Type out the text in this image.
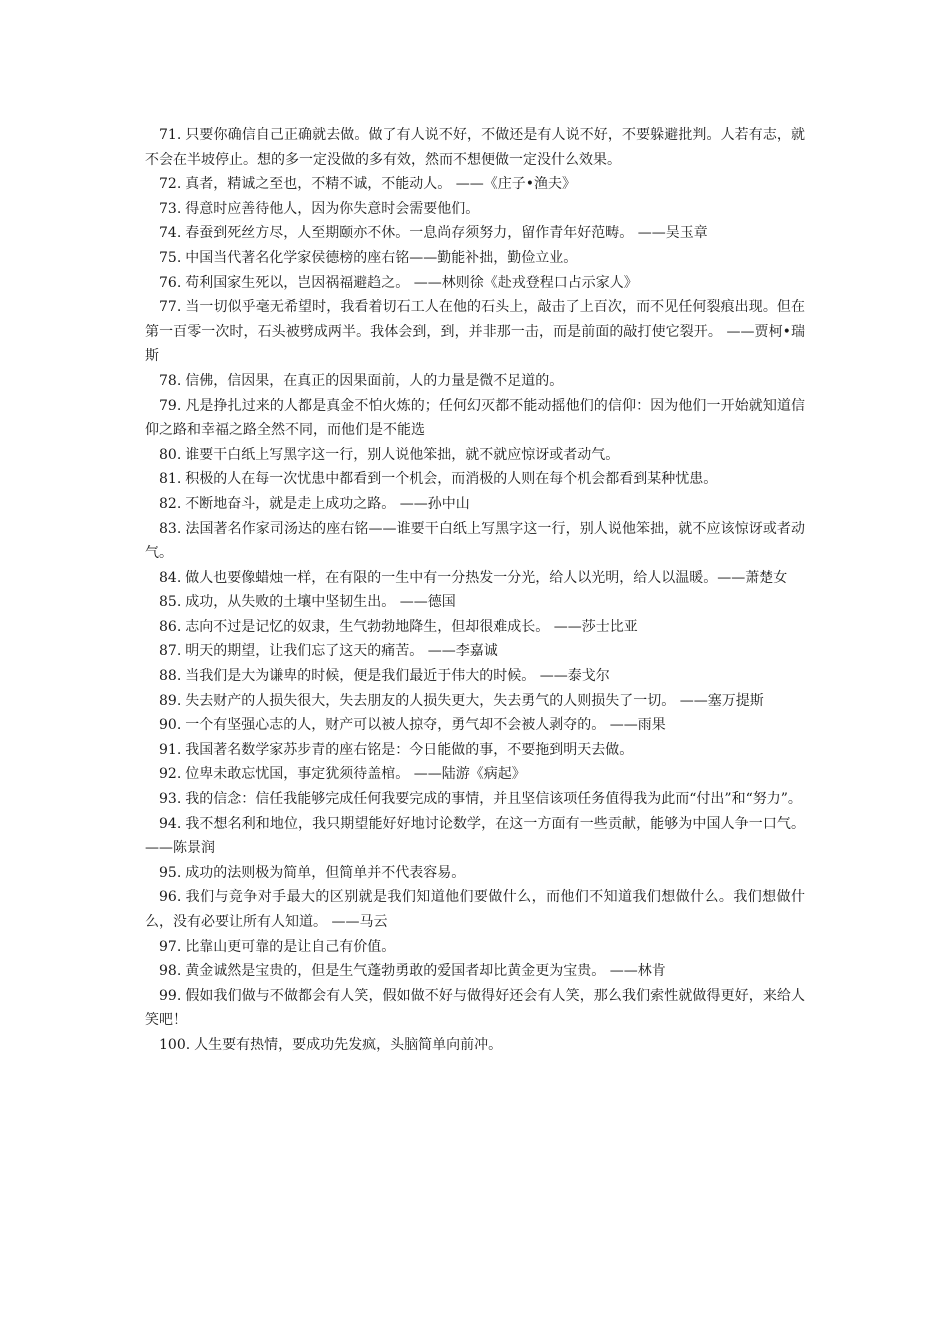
71. 只要你确信自己正确就去做。做了有人说不好，不做还是有人说不好，不要躲避批判。人若有志，就不会在半坡停止。想的多一定没做的多有效，然而不想便做一定没什么效果。

72. 真者，精诚之至也，不精不诚，不能动人。 ——《庄子•渔夫》

73. 得意时应善待他人，因为你失意时会需要他们。

74. 春蚕到死丝方尽，人至期颐亦不休。一息尚存须努力，留作青年好范畴。 ——吴玉章

75. 中国当代著名化学家侯德榜的座右铭——勤能补拙，勤俭立业。

76. 苟利国家生死以，岂因祸福避趋之。 ——林则徐《赴戎登程口占示家人》

77. 当一切似乎毫无希望时，我看着切石工人在他的石头上，敲击了上百次，而不见任何裂痕出现。但在第一百零一次时，石头被劈成两半。我体会到，到，并非那一击，而是前面的敲打使它裂开。 ——贾柯•瑞斯

78. 信佛，信因果，在真正的因果面前，人的力量是微不足道的。

79. 凡是挣扎过来的人都是真金不怕火炼的；任何幻灭都不能动摇他们的信仰：因为他们一开始就知道信仰之路和幸福之路全然不同，而他们是不能选

80. 谁要干白纸上写黑字这一行，别人说他笨拙，就不就应惊讶或者动气。

81. 积极的人在每一次忧患中都看到一个机会，而消极的人则在每个机会都看到某种忧患。

82. 不断地奋斗，就是走上成功之路。 ——孙中山

83. 法国著名作家司汤达的座右铭——谁要干白纸上写黑字这一行，别人说他笨拙，就不应该惊讶或者动气。

84. 做人也要像蜡烛一样，在有限的一生中有一分热发一分光，给人以光明，给人以温暖。——萧楚女

85. 成功，从失败的土壤中坚韧生出。 ——德国

86. 志向不过是记忆的奴隶，生气勃勃地降生，但却很难成长。 ——莎士比亚

87. 明天的期望，让我们忘了这天的痛苦。 ——李嘉诚

88. 当我们是大为谦卑的时候，便是我们最近于伟大的时候。 ——泰戈尔

89. 失去财产的人损失很大，失去朋友的人损失更大，失去勇气的人则损失了一切。 ——塞万提斯

90. 一个有坚强心志的人，财产可以被人掠夺，勇气却不会被人剥夺的。 ——雨果

91. 我国著名数学家苏步青的座右铭是：今日能做的事，不要拖到明天去做。

92. 位卑未敢忘忧国，事定犹须待盖棺。 ——陆游《病起》

93. 我的信念：信任我能够完成任何我要完成的事情，并且坚信该项任务值得我为此而“付出”和“努力”。

94. 我不想名利和地位，我只期望能好好地讨论数学，在这一方面有一些贡献，能够为中国人争一口气。 ——陈景润

95. 成功的法则极为简单，但简单并不代表容易。

96. 我们与竞争对手最大的区别就是我们知道他们要做什么，而他们不知道我们想做什么。我们想做什么，没有必要让所有人知道。 ——马云

97. 比靠山更可靠的是让自己有价值。

98. 黄金诚然是宝贵的，但是生气蓬勃勇敢的爱国者却比黄金更为宝贵。 ——林肯

99. 假如我们做与不做都会有人笑，假如做不好与做得好还会有人笑，那么我们索性就做得更好，来给人笑吧！

100. 人生要有热情，要成功先发疯，头脑简单向前冲。
